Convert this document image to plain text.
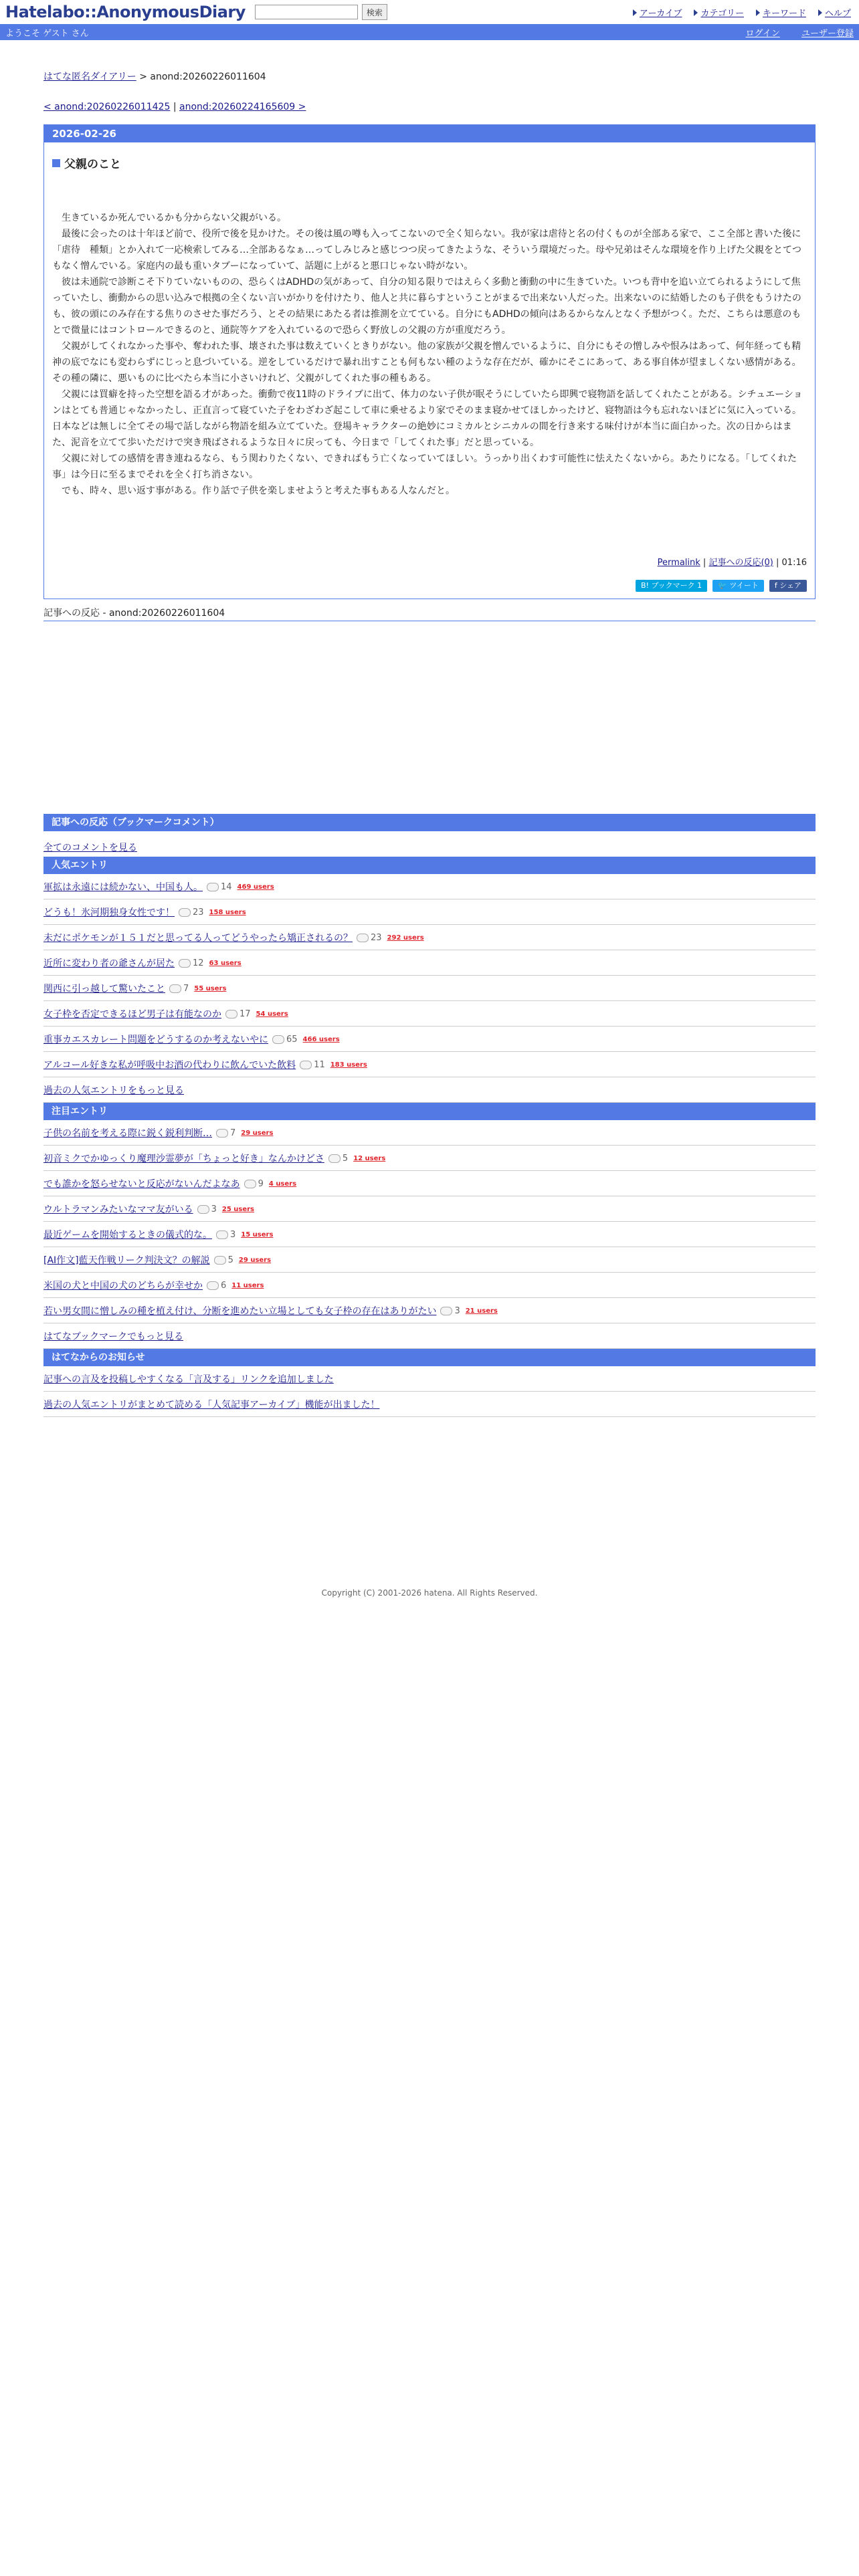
Hatelabo::AnonymousDiary	検索	アーカイブ カテゴリー キーワード ヘルプ
ようこそ ゲスト さん	ログイン ユーザー登録
はてな匿名ダイアリー > anond:20260226011604
< anond:20260226011425 | anond:20260224165609 >
2026-02-26
父親のこと

生きているか死んでいるかも分からない父親がいる。

最後に会ったのは十年ほど前で、役所で後を見かけた。その後は風の噂も入ってこないので全く知らない。我が家は虐待と名の付くものが全部ある家で、ここ全部と書いた後に「虐待　種類」とか入れて一応検索してみる…全部あるなぁ…ってしみじみと感じつつ戻ってきたような、そういう環境だった。母や兄弟はそんな環境を作り上げた父親をとてつもなく憎んでいる。家庭内の最も重いタブーになっていて、話題に上がると悪口じゃない時がない。

彼は未通院で診断こそ下りていないものの、恐らくはADHDの気があって、自分の知る限りではえらく多動と衝動の中に生きていた。いつも背中を追い立てられるようにして焦っていたし、衝動からの思い込みで根拠の全くない言いがかりを付けたり、他人と共に暮らすということがまるで出来ない人だった。出来ないのに結婚したのも子供をもうけたのも、彼の頭にのみ存在する焦りのさせた事だろう、とその結果にあたる者は推測を立てている。自分にもADHDの傾向はあるからなんとなく予想がつく。ただ、こちらは悪意のもとで微量にはコントロールできるのと、通院等ケアを入れているので恐らく野放しの父親の方が重度だろう。

父親がしてくれなかった事や、奪われた事、壊された事は数えていくときりがない。他の家族が父親を憎んでいるように、自分にもその憎しみや恨みはあって、何年経っても精神の底でなにも変わらずにじっと息づいている。逆をしているだけで暴れ出すことも何もない種のような存在だが、確かにそこにあって、ある事自体が望ましくない感情がある。その種の隣に、悪いものに比べたら本当に小さいけれど、父親がしてくれた事の種もある。

父親には買癖を持った空想を語る才があった。衝動で夜11時のドライブに出て、体力のない子供が眠そうにしていたら即興で寝物語を話してくれたことがある。シチュエーションはとても普通じゃなかったし、正直言って寝ていた子をわざわざ起こして車に乗せるより家でそのまま寝かせてほしかったけど、寝物語は今も忘れないほどに気に入っている。日本などは無しに全てその場で話しながら物語を組み立てていた。登場キャラクターの絶妙にコミカルとシニカルの間を行き来する味付けが本当に面白かった。次の日からはまた、泥音を立てて歩いただけで突き飛ばされるような日々に戻っても、今日まで「してくれた事」だと思っている。

父親に対しての感情を書き連ねるなら、もう関わりたくない、できればもう亡くなっていてほしい。うっかり出くわす可能性に怯えたくないから。あたりになる。「してくれた事」は今日に至るまでそれを全く打ち消さない。

でも、時々、思い返す事がある。作り話で子供を楽しませようと考えた事もある人なんだと。

Permalink | 記事への反応(0) | 01:16
B! ブックマーク 1	🐦 ツイート	f シェア
記事への反応 - anond:20260226011604
記事への反応（ブックマークコメント）
全てのコメントを見る
人気エントリ
軍拡は永遠には続かない、中国も人。 14 469 users
どうも！氷河期独身女性です！ 23 158 users
未だにポケモンが１５１だと思ってる人ってどうやったら矯正されるの？ 23 292 users
近所に変わり者の爺さんが居た 12 63 users
関西に引っ越して驚いたこと 7 55 users
女子枠を否定できるほど男子は有能なのか 17 54 users
重事カエスカレート問題をどうするのか考えないやに 65 466 users
アルコール好きな私が呼吸中お酒の代わりに飲んでいた飲料 11 183 users
過去の人気エントリをもっと見る
注目エントリ
子供の名前を考える際に鋭く鋭利判断… 7 29 users
初音ミクでかゆっくり魔理沙霊夢が「ちょっと好き」なんかけどさ 5 12 users
でも誰かを怒らせないと反応がないんだよなあ 9 4 users
ウルトラマンみたいなママ友がいる 3 25 users
最近ゲームを開始するときの儀式的な。 3 15 users
[AI作文]藍天作戦リーク判決文？の解説 5 29 users
米国の犬と中国の犬のどちらが幸せか 6 11 users
若い男女間に憎しみの種を植え付け、分断を進めたい立場としても女子枠の存在はありがたい 3 21 users
はてなブックマークでもっと見る
はてなからのお知らせ
記事への言及を投稿しやすくなる「言及する」リンクを追加しました
過去の人気エントリがまとめて読める「人気記事アーカイブ」機能が出ました！
Copyright (C) 2001-2026 hatena. All Rights Reserved.
